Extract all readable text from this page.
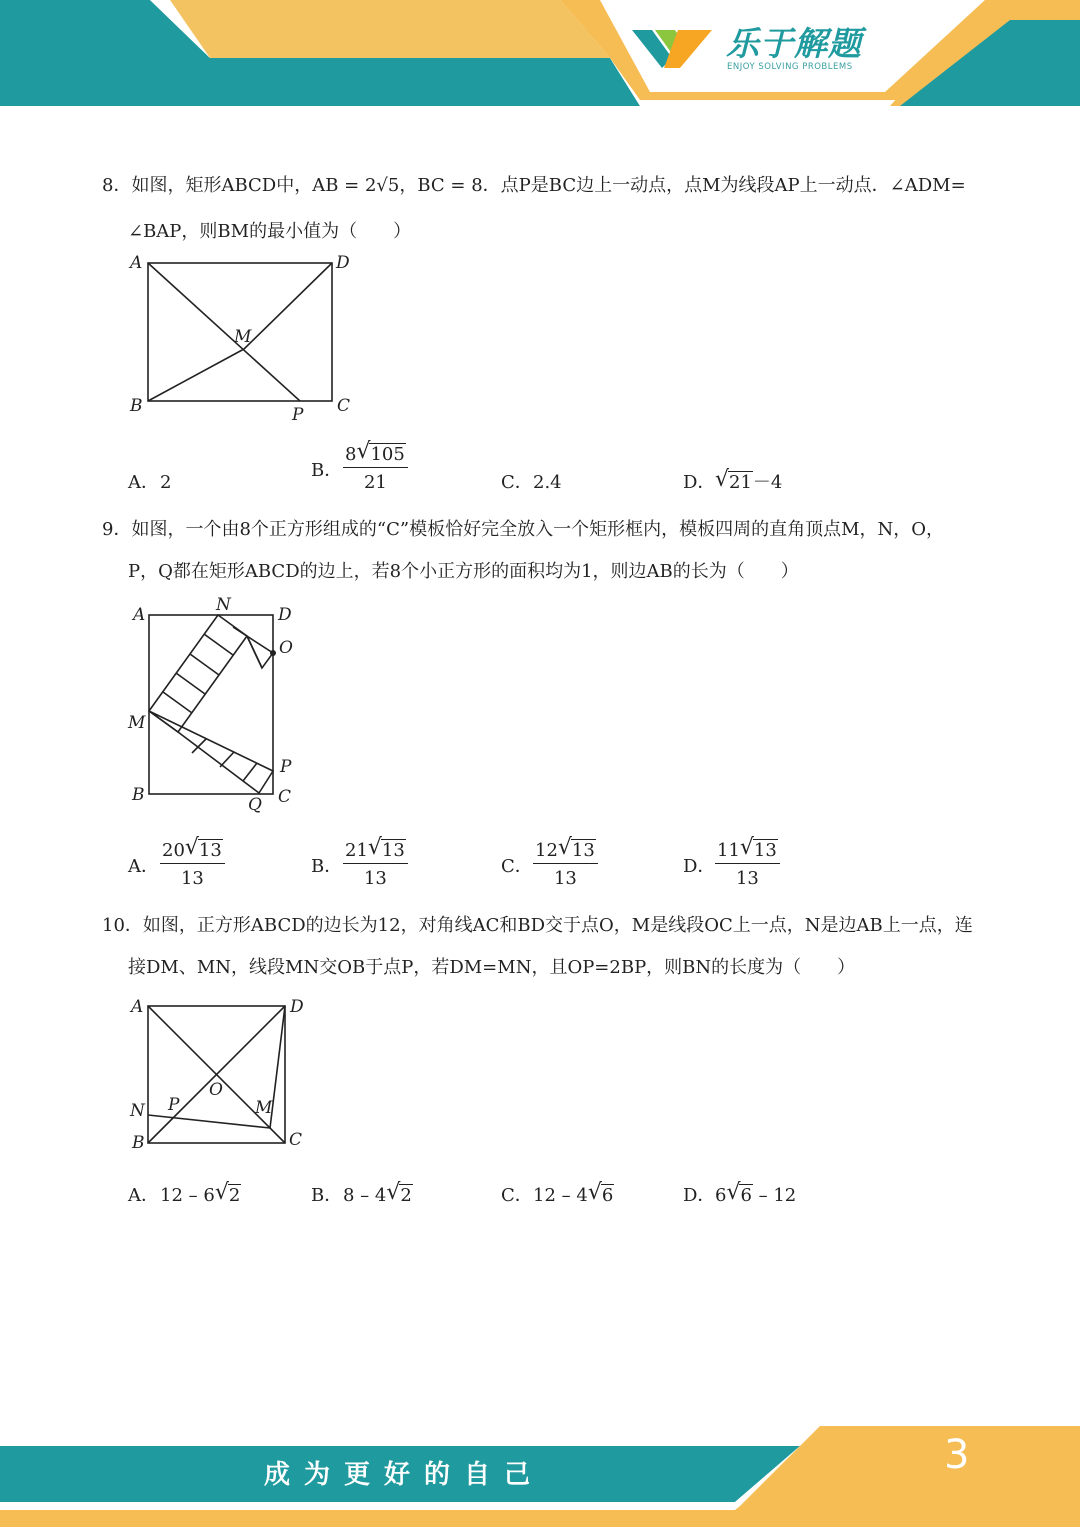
乐于解题
ENJOY SOLVING PROBLEMS
8．如图，矩形ABCD中，AB = 2√5，BC = 8．点P是BC边上一动点，点M为线段AP上一动点．∠ADM=
∠BAP，则BM的最小值为（　　）
A	D
M
B	P C
A．2
B． $\frac{8 √ 105}{21}$	C．2.4	D． √ 21－4
9．如图，一个由8个正方形组成的“C”模板恰好完全放入一个矩形框内，模板四周的直角顶点M，N，O，
P，Q都在矩形ABCD的边上，若8个小正方形的面积均为1，则边AB的长为（　　）
A	N	D
O
M
P
B	Q C
A． $\frac{20 √ 13}{13}$	B． $\frac{21 √ 13}{13}$	C． $\frac{12 √ 13}{13}$	D． $\frac{11 √ 13}{13}$
10．如图，正方形ABCD的边长为12，对角线AC和BD交于点O，M是线段OC上一点，N是边AB上一点，连
接DM、MN，线段MN交OB于点P，若DM=MN，且OP=2BP，则BN的长度为（　　）
A	D
O
N P	M
B	C
A．12 – 6 √ 2	B．8 – 4 √ 2	C．12 – 4 √ 6	D．6 √ 6 – 12
成为更好的自己	3
